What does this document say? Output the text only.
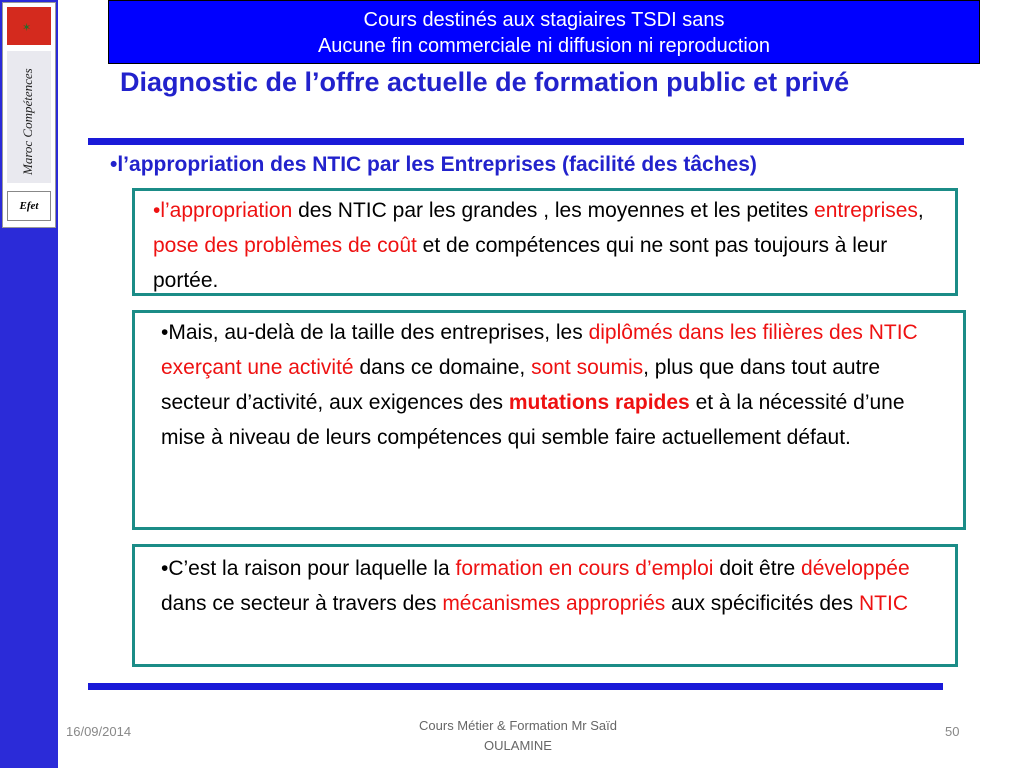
✶
Maroc Compétences
Efet
Cours destinés aux stagiaires TSDI sans
Aucune fin commerciale ni diffusion ni reproduction
Diagnostic de l’offre actuelle de formation public et privé
•l’appropriation des NTIC par les Entreprises (facilité des tâches)
•l’appropriation des NTIC par les grandes , les moyennes et les petites entreprises, pose des problèmes de coût et de compétences qui ne sont pas toujours à leur portée.
•Mais, au-delà de la taille des entreprises, les diplômés dans les filières des NTIC exerçant une activité dans ce domaine, sont soumis, plus que dans tout autre secteur d’activité, aux exigences des mutations rapides et à la nécessité d’une mise à niveau de leurs compétences qui semble faire actuellement défaut.
•C’est la raison pour laquelle la formation en cours d’emploi doit être développée dans ce secteur à travers des mécanismes appropriés aux spécificités des NTIC
16/09/2014	Cours Métier & Formation Mr Saïd
OULAMINE
50
